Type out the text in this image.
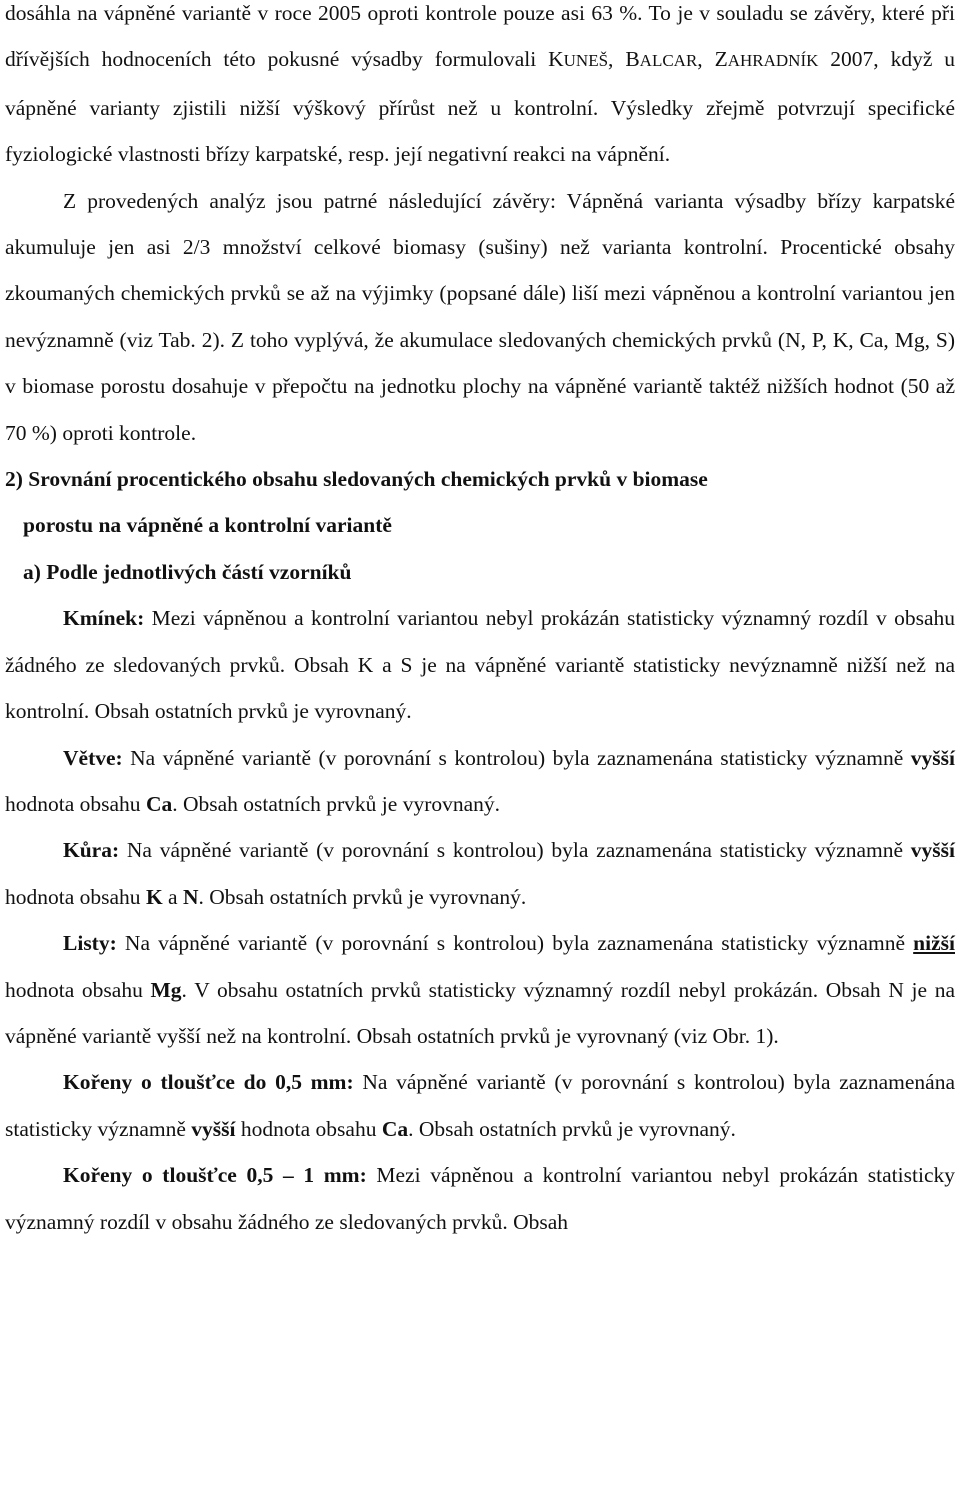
dosáhla na vápněné variantě v roce 2005 oproti kontrole pouze asi 63 %. To je v souladu se závěry, které při dřívějších hodnoceních této pokusné výsadby formulovali KUNEŠ, BALCAR, ZAHRADNÍK 2007, když u vápněné varianty zjistili nižší výškový přírůst než u kontrolní. Výsledky zřejmě potvrzují specifické fyziologické vlastnosti břízy karpatské, resp. její negativní reakci na vápnění.

Z provedených analýz jsou patrné následující závěry: Vápněná varianta výsadby břízy karpatské akumuluje jen asi 2/3 množství celkové biomasy (sušiny) než varianta kontrolní. Procentické obsahy zkoumaných chemických prvků se až na výjimky (popsané dále) liší mezi vápněnou a kontrolní variantou jen nevýznamně (viz Tab. 2). Z toho vyplývá, že akumulace sledovaných chemických prvků (N, P, K, Ca, Mg, S) v biomase porostu dosahuje v přepočtu na jednotku plochy na vápněné variantě taktéž nižších hodnot (50 až 70 %) oproti kontrole.

2) Srovnání procentického obsahu sledovaných chemických prvků v biomase

porostu na vápněné a kontrolní variantě

a) Podle jednotlivých částí vzorníků

Kmínek: Mezi vápněnou a kontrolní variantou nebyl prokázán statisticky významný rozdíl v obsahu žádného ze sledovaných prvků. Obsah K a S je na vápněné variantě statisticky nevýznamně nižší než na kontrolní. Obsah ostatních prvků je vyrovnaný.

Větve: Na vápněné variantě (v porovnání s kontrolou) byla zaznamenána statisticky významně vyšší hodnota obsahu Ca. Obsah ostatních prvků je vyrovnaný.

Kůra: Na vápněné variantě (v porovnání s kontrolou) byla zaznamenána statisticky významně vyšší hodnota obsahu K a N. Obsah ostatních prvků je vyrovnaný.

Listy: Na vápněné variantě (v porovnání s kontrolou) byla zaznamenána statisticky významně nižší hodnota obsahu Mg. V obsahu ostatních prvků statisticky významný rozdíl nebyl prokázán. Obsah N je na vápněné variantě vyšší než na kontrolní. Obsah ostatních prvků je vyrovnaný (viz Obr. 1).

Kořeny o tloušťce do 0,5 mm: Na vápněné variantě (v porovnání s kontrolou) byla zaznamenána statisticky významně vyšší hodnota obsahu Ca. Obsah ostatních prvků je vyrovnaný.

Kořeny o tloušťce 0,5 – 1 mm: Mezi vápněnou a kontrolní variantou nebyl prokázán statisticky významný rozdíl v obsahu žádného ze sledovaných prvků. Obsah
